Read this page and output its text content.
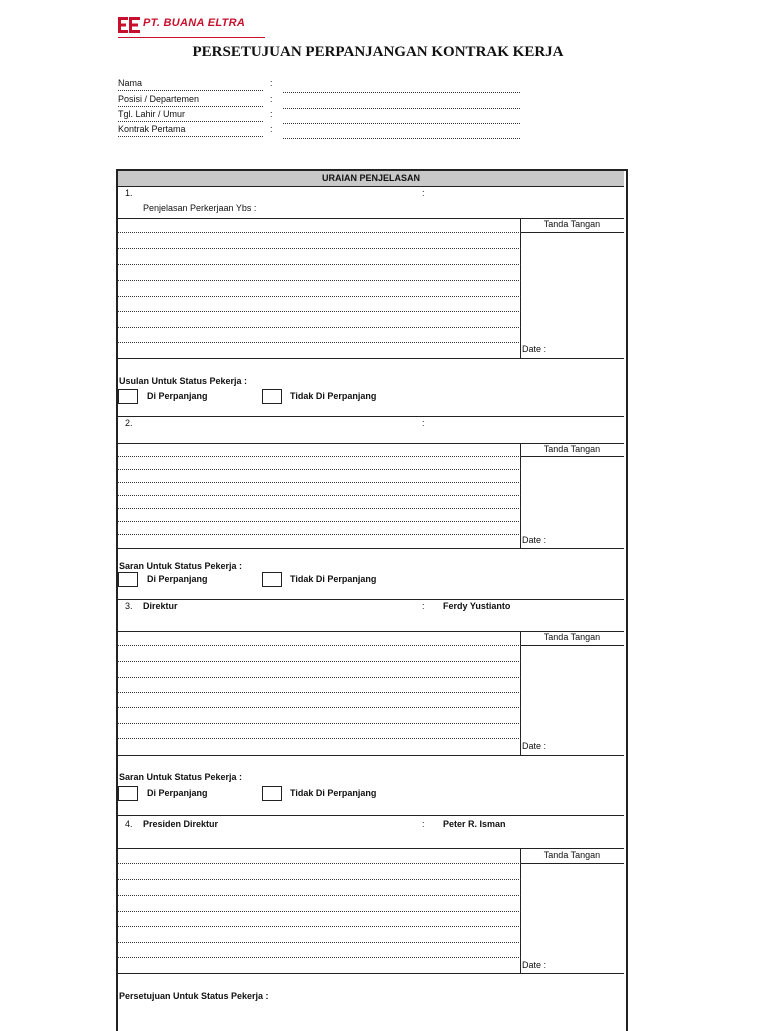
PT. BUANA ELTRA
PERSETUJUAN PERPANJANGAN KONTRAK KERJA
Nama	:
Posisi / Departemen	:
Tgl. Lahir / Umur	:
Kontrak Pertama	:
URAIAN PENJELASAN
1.	:
Penjelasan Perkerjaan Ybs :
Tanda Tangan
Date :
Usulan Untuk Status Pekerja :
Di Perpanjang	Tidak Di Perpanjang
2.	:
Tanda Tangan
Date :
Saran Untuk Status Pekerja :
Di Perpanjang	Tidak Di Perpanjang
3. Direktur	: Ferdy Yustianto
Tanda Tangan
Date :
Saran Untuk Status Pekerja :
Di Perpanjang	Tidak Di Perpanjang
4. Presiden Direktur	: Peter R. Isman
Tanda Tangan
Date :
Persetujuan Untuk Status Pekerja :
